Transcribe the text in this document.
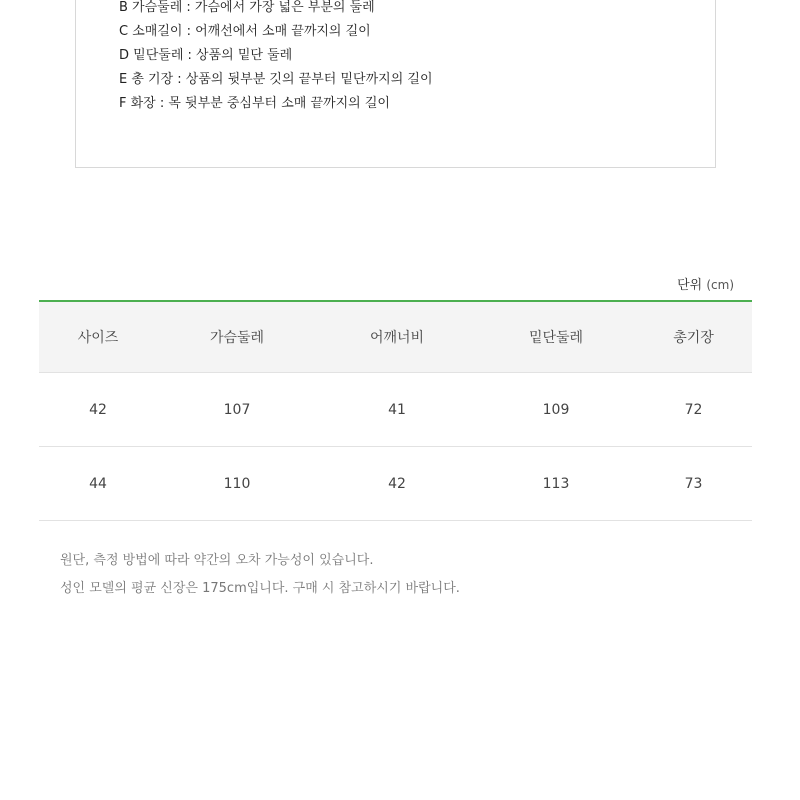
B 가슴둘레 : 가슴에서 가장 넓은 부분의 둘레
C 소매길이 : 어깨선에서 소매 끝까지의 길이
D 밑단둘레 : 상품의 밑단 둘레
E 총 기장 : 상품의 뒷부분 깃의 끝부터 밑단까지의 길이
F 화장 : 목 뒷부분 중심부터 소매 끝까지의 길이
단위 (cm)
사이즈	가슴둘레	어깨너비	밑단둘레	총기장
42	107	41	109	72
44	110	42	113	73

원단, 측정 방법에 따라 약간의 오차 가능성이 있습니다.

성인 모델의 평균 신장은 175cm입니다. 구매 시 참고하시기 바랍니다.
